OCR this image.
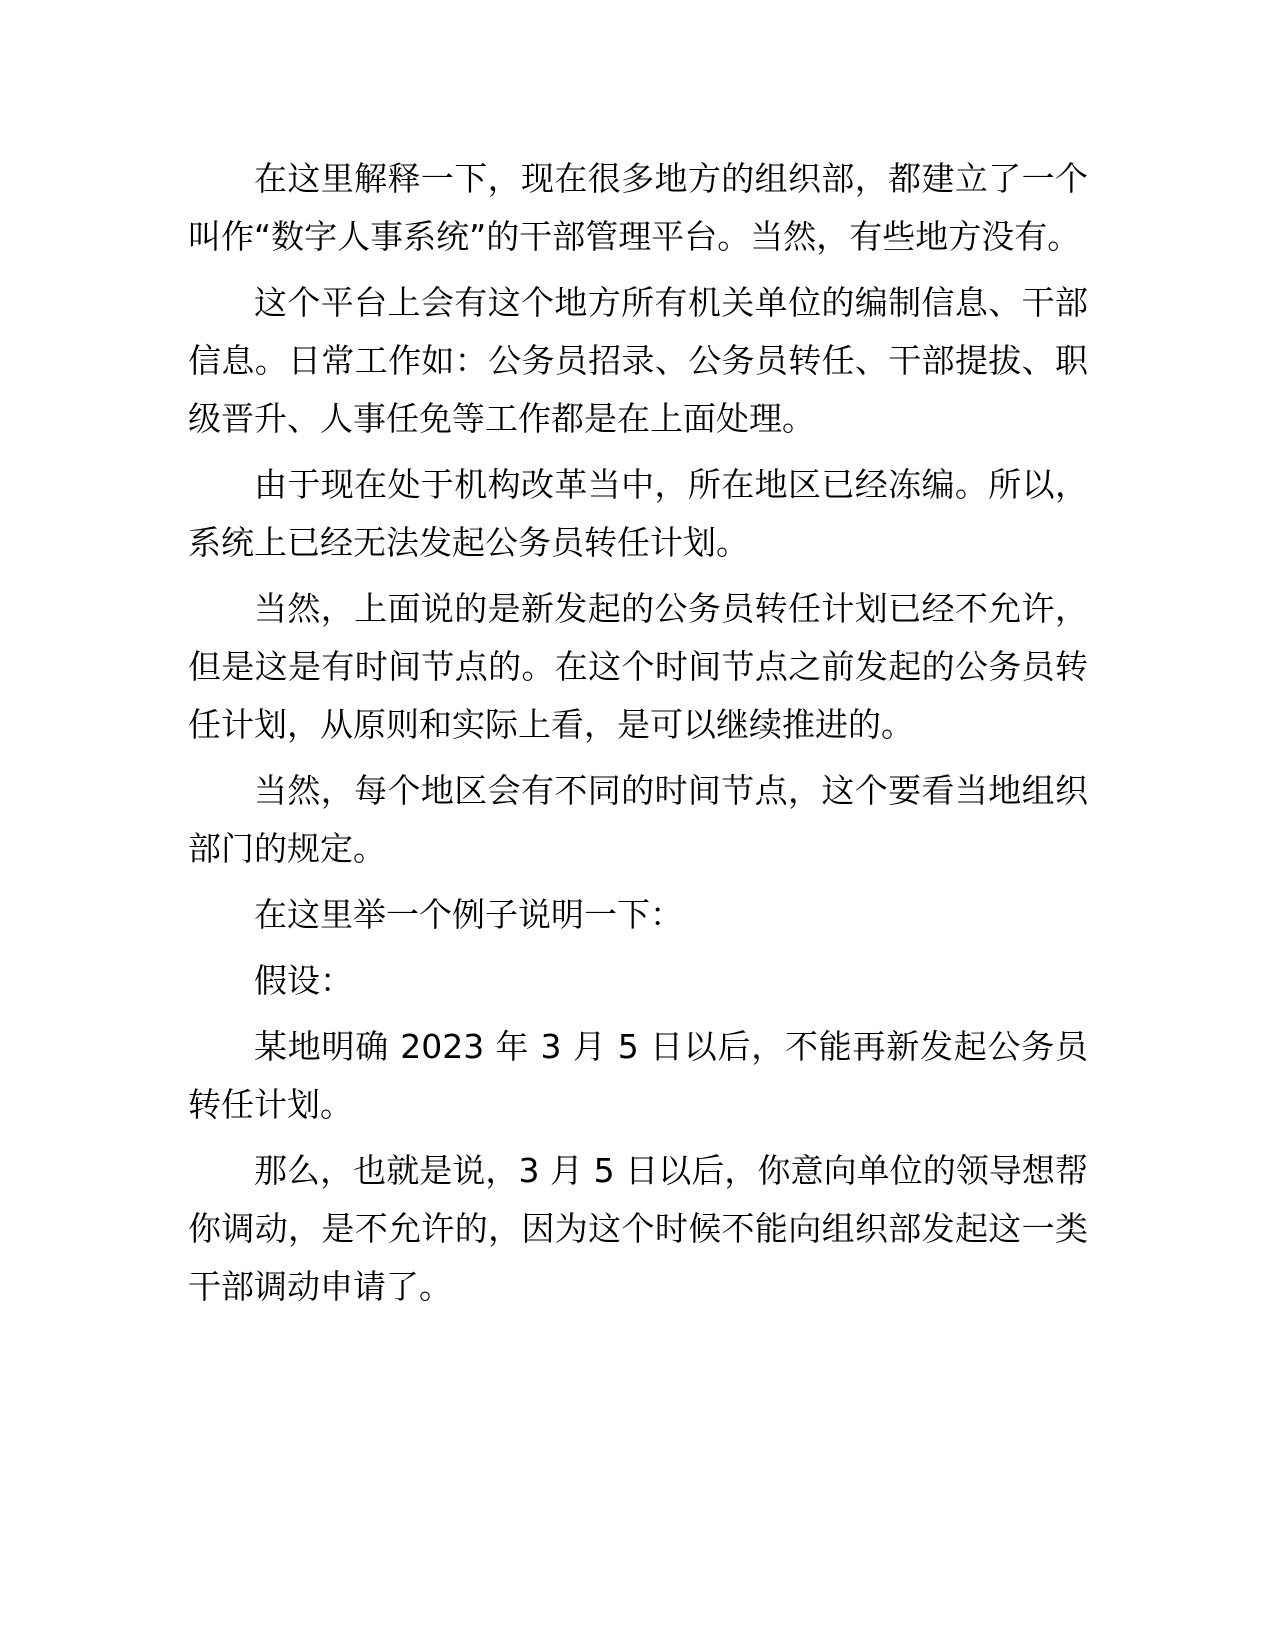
在这里解释一下，现在很多地方的组织部，都建立了一个叫作“数字人事系统”的干部管理平台。当然，有些地方没有。

这个平台上会有这个地方所有机关单位的编制信息、干部信息。日常工作如：公务员招录、公务员转任、干部提拔、职级晋升、人事任免等工作都是在上面处理。

由于现在处于机构改革当中，所在地区已经冻编。所以，系统上已经无法发起公务员转任计划。

当然，上面说的是新发起的公务员转任计划已经不允许，但是这是有时间节点的。在这个时间节点之前发起的公务员转任计划，从原则和实际上看，是可以继续推进的。

当然，每个地区会有不同的时间节点，这个要看当地组织部门的规定。

在这里举一个例子说明一下：

假设：

某地明确 2023 年 3 月 5 日以后，不能再新发起公务员转任计划。

那么，也就是说，3 月 5 日以后，你意向单位的领导想帮你调动，是不允许的，因为这个时候不能向组织部发起这一类干部调动申请了。
